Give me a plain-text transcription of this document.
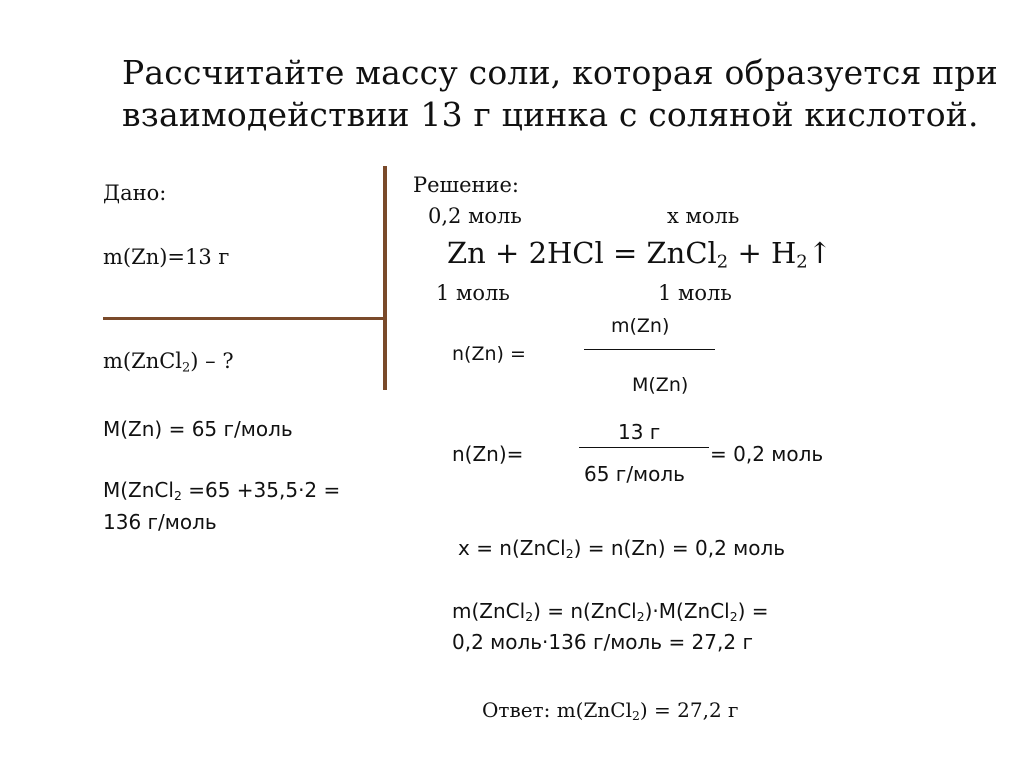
Рассчитайте массу соли, которая образуется при взаимодействии 13 г цинка с соляной кислотой.
Дано:
m(Zn)=13 г
m(ZnCl$_2$) – ?
M(Zn) = 65 г/моль
M(ZnCl$_2$ =65 +35,5·2 =
136 г/моль
Решение:
0,2 моль	x моль
Zn + 2HCl = ZnCl$_2$ + $H_2↑$
1 моль	1 моль
m(Zn)
n(Zn) =
M(Zn)
13 г
n(Zn)=	= 0,2 моль
65 г/моль
x = n(ZnCl$_2$) = n(Zn) = 0,2 моль
m(ZnCl$_2$) = n(ZnCl$_2$)·M(ZnCl$_2$) =
0,2 моль·136 г/моль = 27,2 г
Ответ: m(ZnCl$_2$) = 27,2 г
